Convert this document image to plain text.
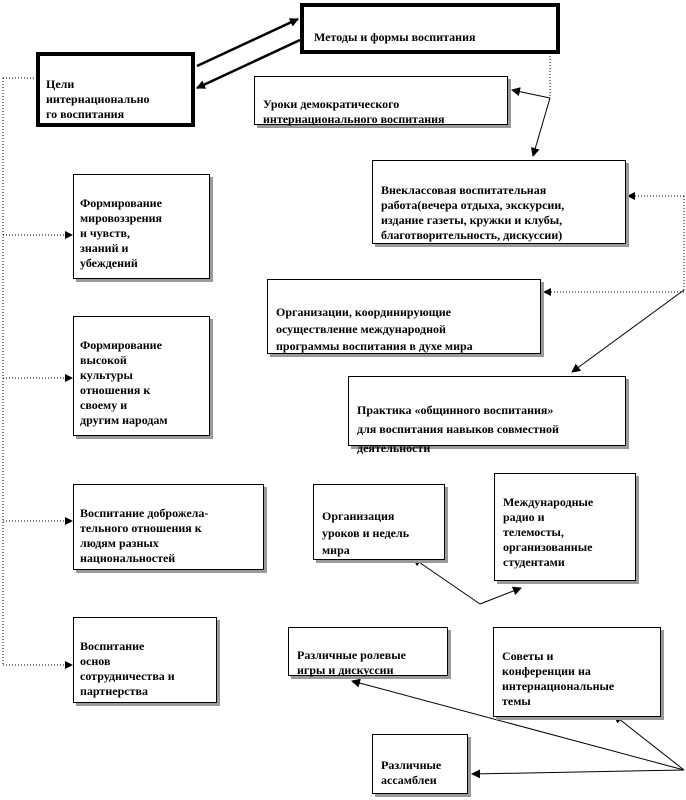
Методы и формы воспитания

Цели
интернационально
го воспитания

Формирование
мировоззрения
и чувств,
знаний и
убеждений

Формирование
высокой
культуры
отношения к
своему и
другим народам

Воспитание доброжела-
тельного отношения к
людям разных
национальностей

Воспитание
основ
сотрудничества и
партнерства

Уроки демократического
интернационального воспитания

Внеклассовая воспитательная
работа(вечера отдыха, экскурсии,
издание газеты, кружки и клубы,
благотворительность, дискуссии)

Организации, координирующие
осуществление международной
программы воспитания в духе мира

Практика «общинного воспитания»
для воспитания навыков совместной
деятельности

Организация
уроков и недель
мира

Международные
радио и
телемосты,
организованные
студентами

Различные ролевые
игры и дискуссии

Советы и
конференции на
интернациональные
темы

Различные
ассамблеи
